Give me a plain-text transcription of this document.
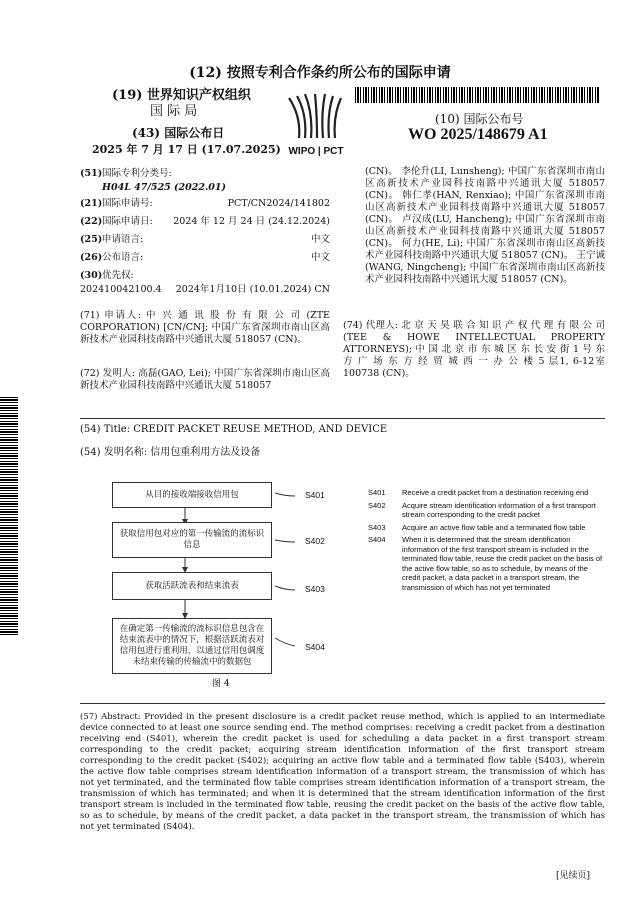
(12) 按照专利合作条约所公布的国际申请
(19) 世界知识产权组织
国 际 局
(43) 国际公布日
2025 年 7 月 17 日 (17.07.2025) WIPO | PCT
(10) 国际公布号
WO 2025/148679 A1
(51) 国际专利分类号:
H04L 47/525 (2022.01)
(21) 国际申请号:	PCT/CN2024/141802
(22) 国际申请日:	2024 年 12 月 24 日 (24.12.2024)
(25) 申请语言:	中文
(26) 公布语言:	中文
(30) 优先权:
202410042100.4	2024年1月10日 (10.01.2024) CN
(71) 申请人: 中 兴 通 讯 股 份 有 限 公 司 (ZTE CORPORATION) [CN/CN]; 中国广东省深圳市南山区高新技术产业园科技南路中兴通讯大厦 518057 (CN)。
(72) 发明人: 高磊(GAO, Lei); 中国广东省深圳市南山区高新技术产业园科技南路中兴通讯大厦 518057
(CN)。 李伦升(LI, Lunsheng); 中国广东省深圳市南山区高新技术产业园科技南路中兴通讯大厦 518057 (CN)。 韩仁孝(HAN, Renxiao); 中国广东省深圳市南山区高新技术产业园科技南路中兴通讯大厦 518057 (CN)。 卢汉成(LU, Hancheng); 中国广东省深圳市南山区高新技术产业园科技南路中兴通讯大厦 518057 (CN)。 何力(HE, Li); 中国广东省深圳市南山区高新技术产业园科技南路中兴通讯大厦 518057 (CN)。 王宁诚(WANG, Ningcheng); 中国广东省深圳市南山区高新技术产业园科技南路中兴通讯大厦 518057 (CN)。
(74) 代理人: 北 京 天 昊 联 合 知 识 产 权 代 理 有 限 公 司 (TEE & HOWE INTELLECTUAL PROPERTY ATTORNEYS); 中 国 北 京 市 东 城 区 东 长 安 街 1 号 东 方 广 场 东 方 经 贸 城 西 一 办 公 楼 5 层1, 6-12室 100738 (CN)。
(54) Title: CREDIT PACKET REUSE METHOD, AND DEVICE
(54) 发明名称: 信用包重利用方法及设备
从目的接收端接收信用包
获取信用包对应的第一传输流的流标识信息
获取活跃流表和结束流表
在确定第一传输流的流标识信息包含在结束流表中的情况下，根据活跃流表对信用包进行重利用，以通过信用包调度未结束传输的传输流中的数据包
S401
S402
S403
S404
图 4
S401	Receive a credit packet from a destination receiving end
S402	Acquire stream identification information of a first transport stream corresponding to the credit packet
S403	Acquire an active flow table and a terminated flow table
S404	When it is determined that the stream identification information of the first transport stream is included in the terminated flow table, reuse the credit packet on the basis of the active flow table, so as to schedule, by means of the credit packet, a data packet in a transport stream, the transmission of which has not yet terminated
(57) Abstract: Provided in the present disclosure is a credit packet reuse method, which is applied to an intermediate device connected to at least one source sending end. The method comprises: receiving a credit packet from a destination receiving end (S401), wherein the credit packet is used for scheduling a data packet in a first transport stream corresponding to the credit packet; acquiring stream identification information of the first transport stream corresponding to the credit packet (S402); acquiring an active flow table and a terminated flow table (S403), wherein the active flow table comprises stream identification information of a transport stream, the transmission of which has not yet terminated, and the terminated flow table comprises stream identification information of a transport stream, the transmission of which has terminated; and when it is determined that the stream identification information of the first transport stream is included in the terminated flow table, reusing the credit packet on the basis of the active flow table, so as to schedule, by means of the credit packet, a data packet in the transport stream, the transmission of which has not yet terminated (S404).
[见续页]
